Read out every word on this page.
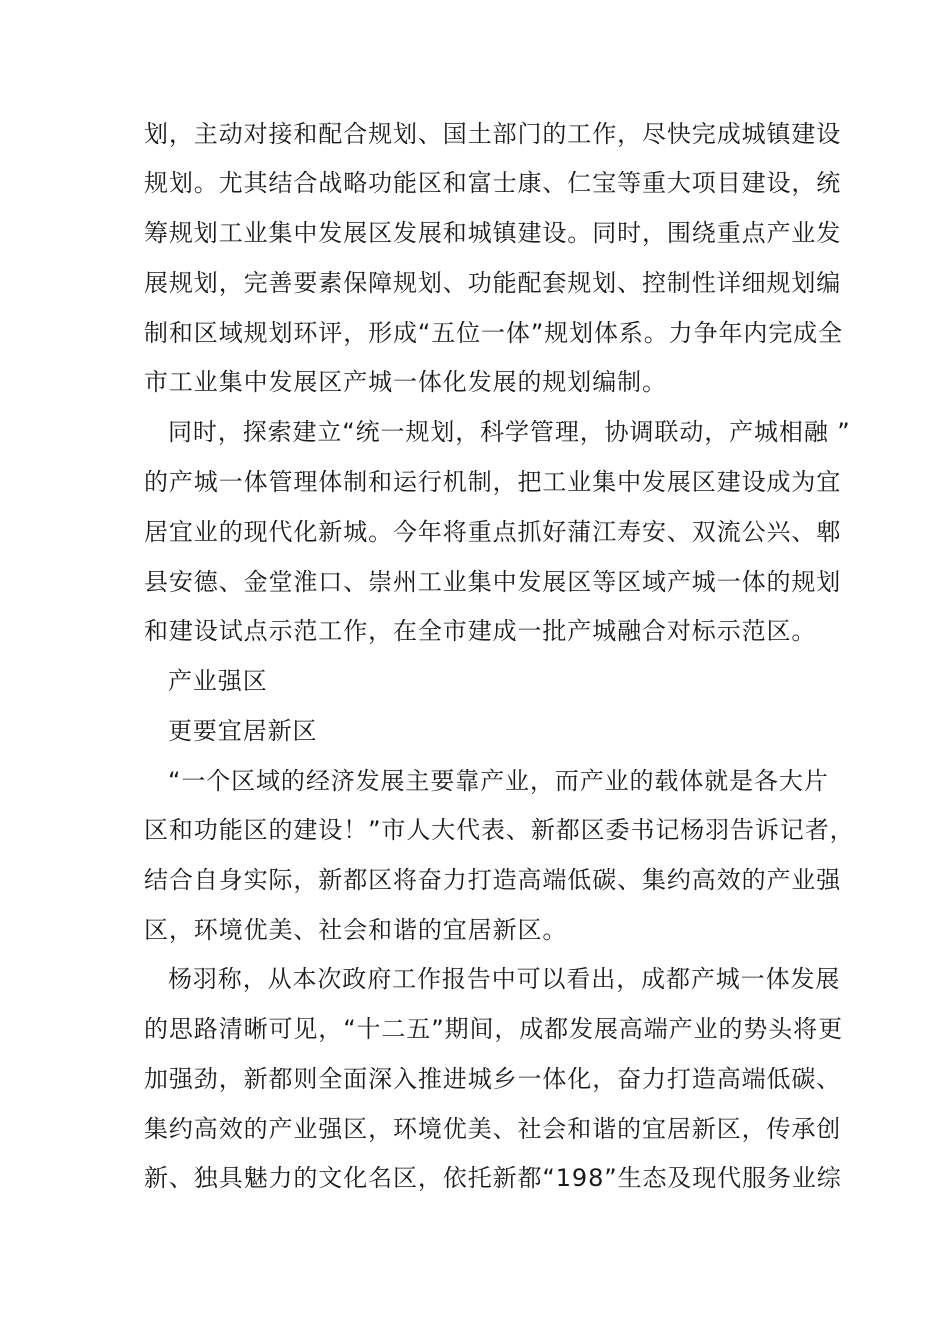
划，主动对接和配合规划、国土部门的工作，尽快完成城镇建设
规划。尤其结合战略功能区和富士康、仁宝等重大项目建设，统
筹规划工业集中发展区发展和城镇建设。同时，围绕重点产业发
展规划，完善要素保障规划、功能配套规划、控制性详细规划编
制和区域规划环评，形成“五位一体”规划体系。力争年内完成全
市工业集中发展区产城一体化发展的规划编制。
同时，探索建立“统一规划，科学管理，协调联动，产城相融 ”
的产城一体管理体制和运行机制，把工业集中发展区建设成为宜
居宜业的现代化新城。今年将重点抓好蒲江寿安、双流公兴、郫
县安德、金堂淮口、崇州工业集中发展区等区域产城一体的规划
和建设试点示范工作，在全市建成一批产城融合对标示范区。
产业强区
更要宜居新区
“一个区域的经济发展主要靠产业，而产业的载体就是各大片
区和功能区的建设！”市人大代表、新都区委书记杨羽告诉记者，
结合自身实际，新都区将奋力打造高端低碳、集约高效的产业强
区，环境优美、社会和谐的宜居新区。
杨羽称，从本次政府工作报告中可以看出，成都产城一体发展
的思路清晰可见，“十二五”期间，成都发展高端产业的势头将更
加强劲，新都则全面深入推进城乡一体化，奋力打造高端低碳、
集约高效的产业强区，环境优美、社会和谐的宜居新区，传承创
新、独具魅力的文化名区，依托新都“198”生态及现代服务业综
